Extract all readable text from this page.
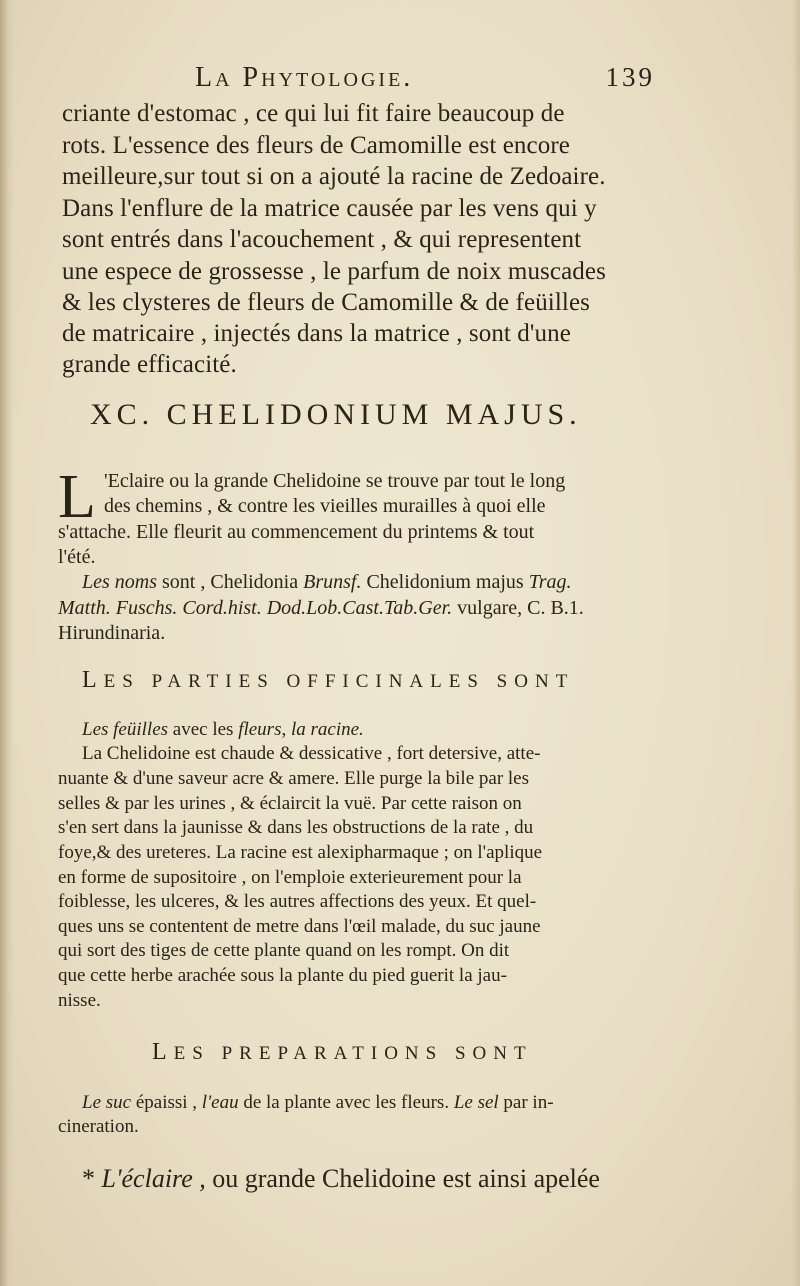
La Phytologie.	139
criante d'estomac , ce qui lui fit faire beaucoup de
rots. L'essence des fleurs de Camomille est encore
meilleure,sur tout si on a ajouté la racine de Zedoaire.
Dans l'enflure de la matrice causée par les vens qui y
sont entrés dans l'acouchement , & qui representent
une espece de grossesse , le parfum de noix muscades
& les clysteres de fleurs de Camomille & de feüilles
de matricaire , injectés dans la matrice , sont d'une
grande efficacité.
XC. CHELIDONIUM MAJUS.
L 'Eclaire ou la grande Chelidoine se trouve par tout le long
des chemins , & contre les vieilles murailles à quoi elle
s'attache. Elle fleurit au commencement du printems & tout
l'été.
Les noms sont , Chelidonia Brunsf. Chelidonium majus Trag.
Matth. Fuschs. Cord.hist. Dod.Lob.Cast.Tab.Ger. vulgare, C. B.1.
Hirundinaria.
LES PARTIES OFFICINALES SONT
Les feüilles avec les fleurs, la racine.
La Chelidoine est chaude & dessicative , fort detersive, atte-
nuante & d'une saveur acre & amere. Elle purge la bile par les
selles & par les urines , & éclaircit la vuë. Par cette raison on
s'en sert dans la jaunisse & dans les obstructions de la rate , du
foye,& des ureteres. La racine est alexipharmaque ; on l'aplique
en forme de supositoire , on l'emploie exterieurement pour la
foiblesse, les ulceres, & les autres affections des yeux. Et quel-
ques uns se contentent de metre dans l'œil malade, du suc jaune
qui sort des tiges de cette plante quand on les rompt. On dit
que cette herbe arachée sous la plante du pied guerit la jau-
nisse.
LES PREPARATIONS SONT
Le suc épaissi , l'eau de la plante avec les fleurs. Le sel par in-
cineration.
* L'éclaire , ou grande Chelidoine est ainsi apelée
